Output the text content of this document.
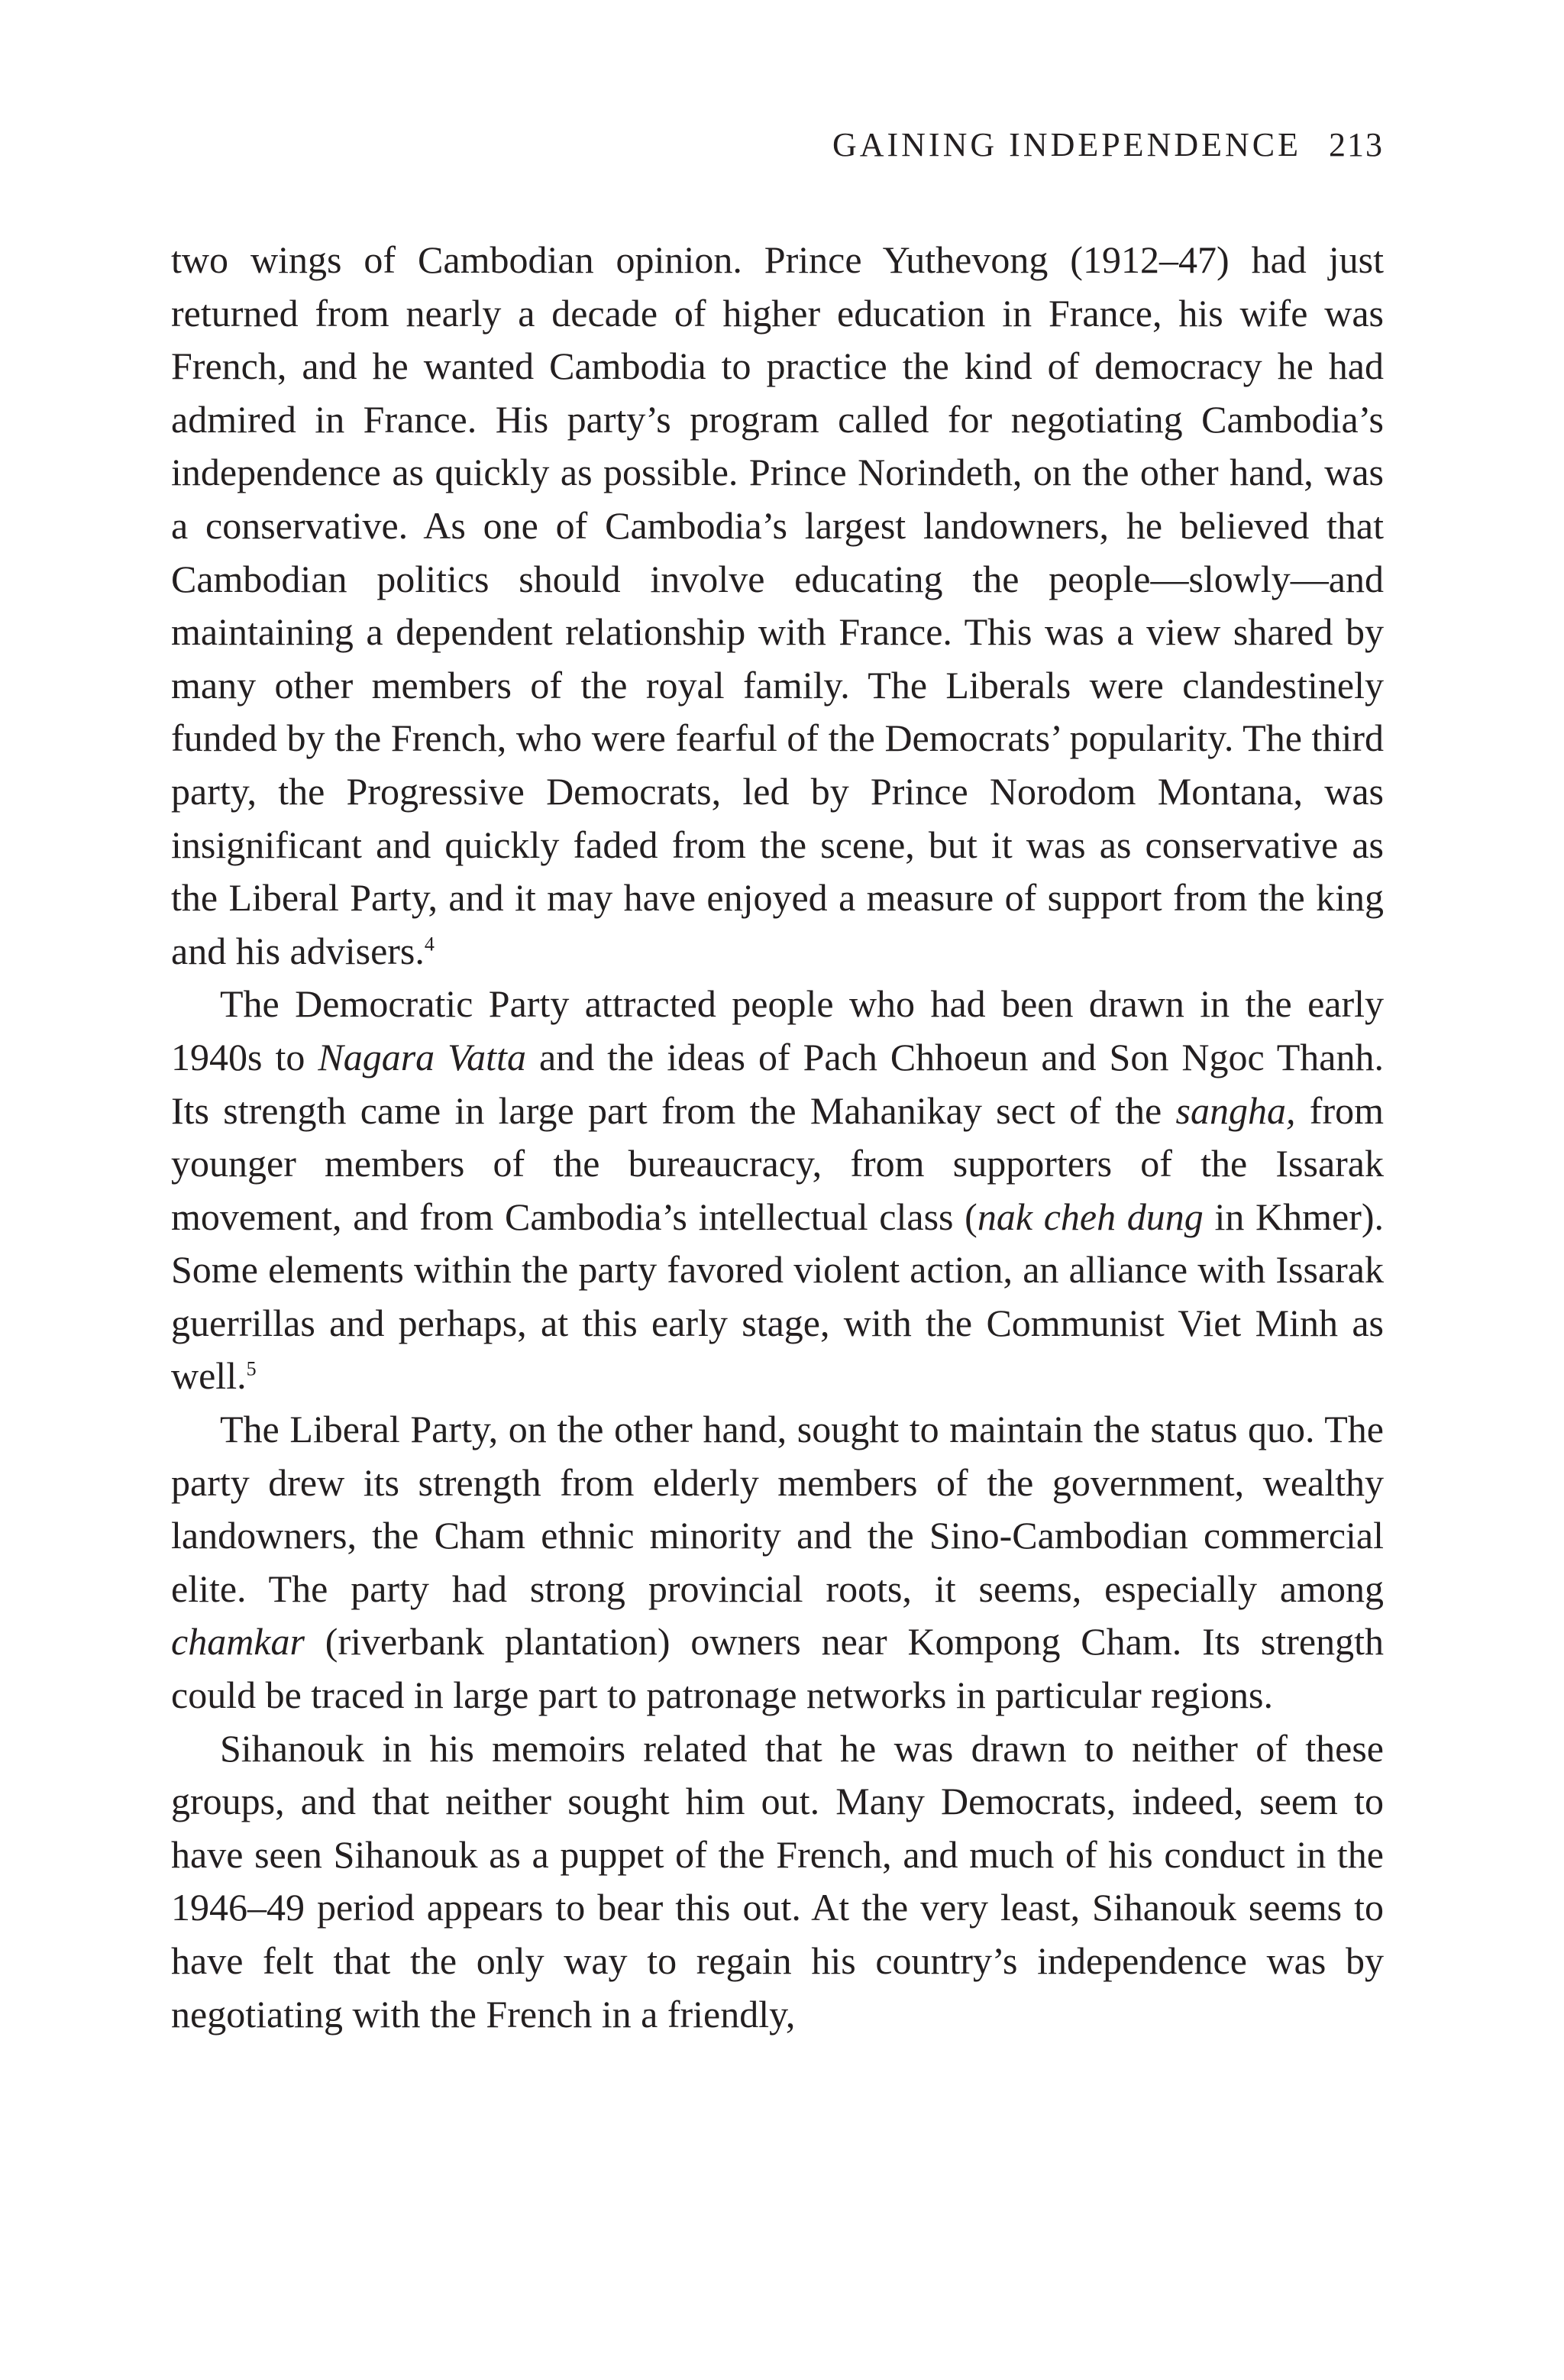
GAINING INDEPENDENCE 213

two wings of Cambodian opinion. Prince Yuthevong (1912–47) had just returned from nearly a decade of higher education in France, his wife was French, and he wanted Cambodia to practice the kind of democracy he had admired in France. His party’s program called for negotiating Cambodia’s independence as quickly as possible. Prince Norindeth, on the other hand, was a conservative. As one of Cambodia’s largest landowners, he believed that Cambodian politics should involve educating the people—slowly—and maintaining a dependent relationship with France. This was a view shared by many other members of the royal family. The Liberals were clandestinely funded by the French, who were fearful of the Democrats’ popularity. The third party, the Progressive Democrats, led by Prince Norodom Montana, was insignificant and quickly faded from the scene, but it was as conservative as the Liberal Party, and it may have enjoyed a measure of support from the king and his advisers.$^4$

The Democratic Party attracted people who had been drawn in the early 1940s to Nagara Vatta and the ideas of Pach Chhoeun and Son Ngoc Thanh. Its strength came in large part from the Mahanikay sect of the sangha, from younger members of the bureaucracy, from supporters of the Issarak movement, and from Cambodia’s intellectual class (nak cheh dung in Khmer). Some elements within the party favored violent action, an alliance with Issarak guerrillas and perhaps, at this early stage, with the Communist Viet Minh as well.$^5$

The Liberal Party, on the other hand, sought to maintain the status quo. The party drew its strength from elderly members of the government, wealthy landowners, the Cham ethnic minority and the Sino-Cambodian commercial elite. The party had strong provincial roots, it seems, especially among chamkar (riverbank plantation) owners near Kompong Cham. Its strength could be traced in large part to patronage networks in particular regions.

Sihanouk in his memoirs related that he was drawn to neither of these groups, and that neither sought him out. Many Democrats, indeed, seem to have seen Sihanouk as a puppet of the French, and much of his conduct in the 1946–49 period appears to bear this out. At the very least, Sihanouk seems to have felt that the only way to regain his country’s independence was by negotiating with the French in a friendly,
